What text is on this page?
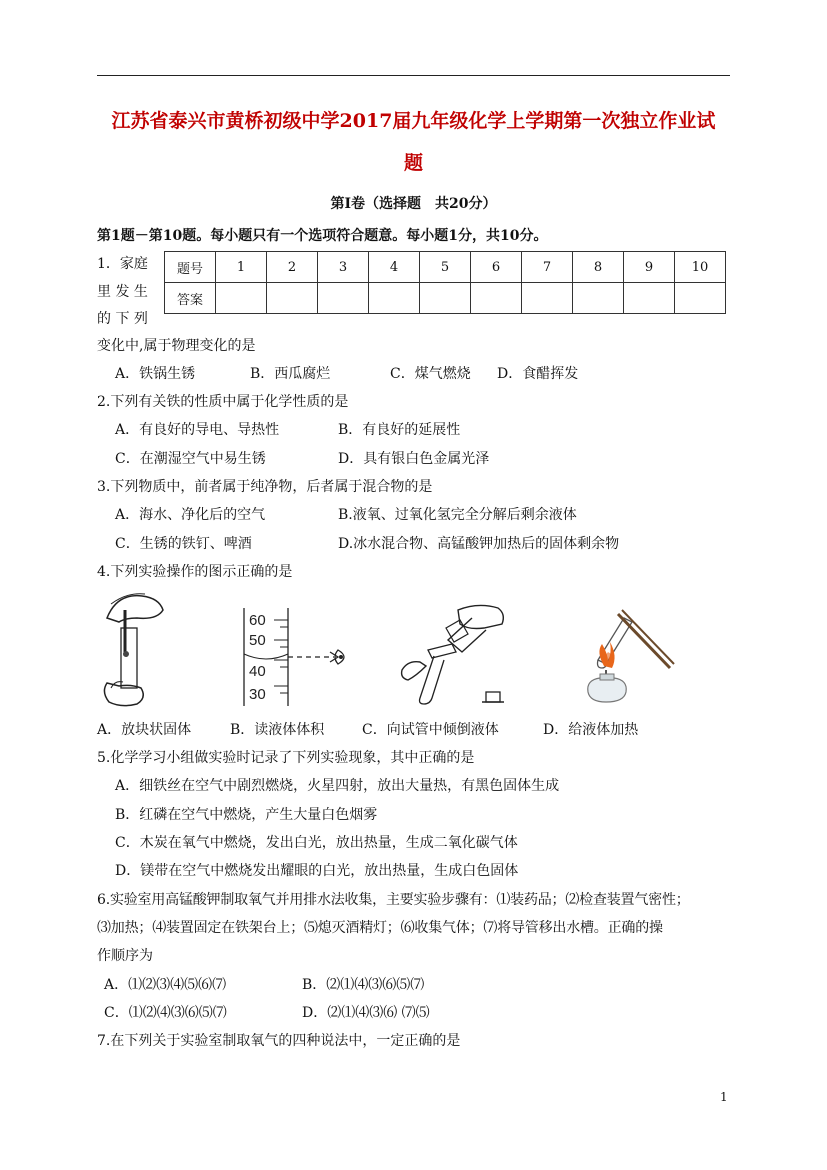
江苏省泰兴市黄桥初级中学2017届九年级化学上学期第一次独立作业试
题
第Ⅰ卷（选择题　共20分）
第1题－第10题。每小题只有一个选项符合题意。每小题1分，共10分。
1．家庭
里 发 生
的 下 列
题号	1	2	3	4	5	6	7	8	9	10
答案										
变化中,属于物理变化的是
A．铁锅生锈	B．西瓜腐烂	C．煤气燃烧 D．食醋挥发
2.下列有关铁的性质中属于化学性质的是
A．有良好的导电、导热性	B．有良好的延展性
C．在潮湿空气中易生锈	D．具有银白色金属光泽
3.下列物质中，前者属于纯净物，后者属于混合物的是
A．海水、净化后的空气	B.液氧、过氧化氢完全分解后剩余液体
C．生锈的铁钉、啤酒	D.冰水混合物、高锰酸钾加热后的固体剩余物
4.下列实验操作的图示正确的是
60
50
40
30
A．放块状固体	B．读液体体积	C．向试管中倾倒液体	D．给液体加热
5.化学学习小组做实验时记录了下列实验现象，其中正确的是
A．细铁丝在空气中剧烈燃烧，火星四射，放出大量热，有黑色固体生成
B．红磷在空气中燃烧，产生大量白色烟雾
C．木炭在氧气中燃烧，发出白光，放出热量，生成二氧化碳气体
D．镁带在空气中燃烧发出耀眼的白光，放出热量，生成白色固体
6.实验室用高锰酸钾制取氧气并用排水法收集，主要实验步骤有：⑴装药品；⑵检查装置气密性；
⑶加热；⑷装置固定在铁架台上；⑸熄灭酒精灯；⑹收集气体；⑺将导管移出水槽。正确的操
作顺序为
A．⑴⑵⑶⑷⑸⑹⑺	B．⑵⑴⑷⑶⑹⑸⑺
C．⑴⑵⑷⑶⑹⑸⑺	D．⑵⑴⑷⑶⑹ ⑺⑸
7.在下列关于实验室制取氧气的四种说法中，一定正确的是
1
